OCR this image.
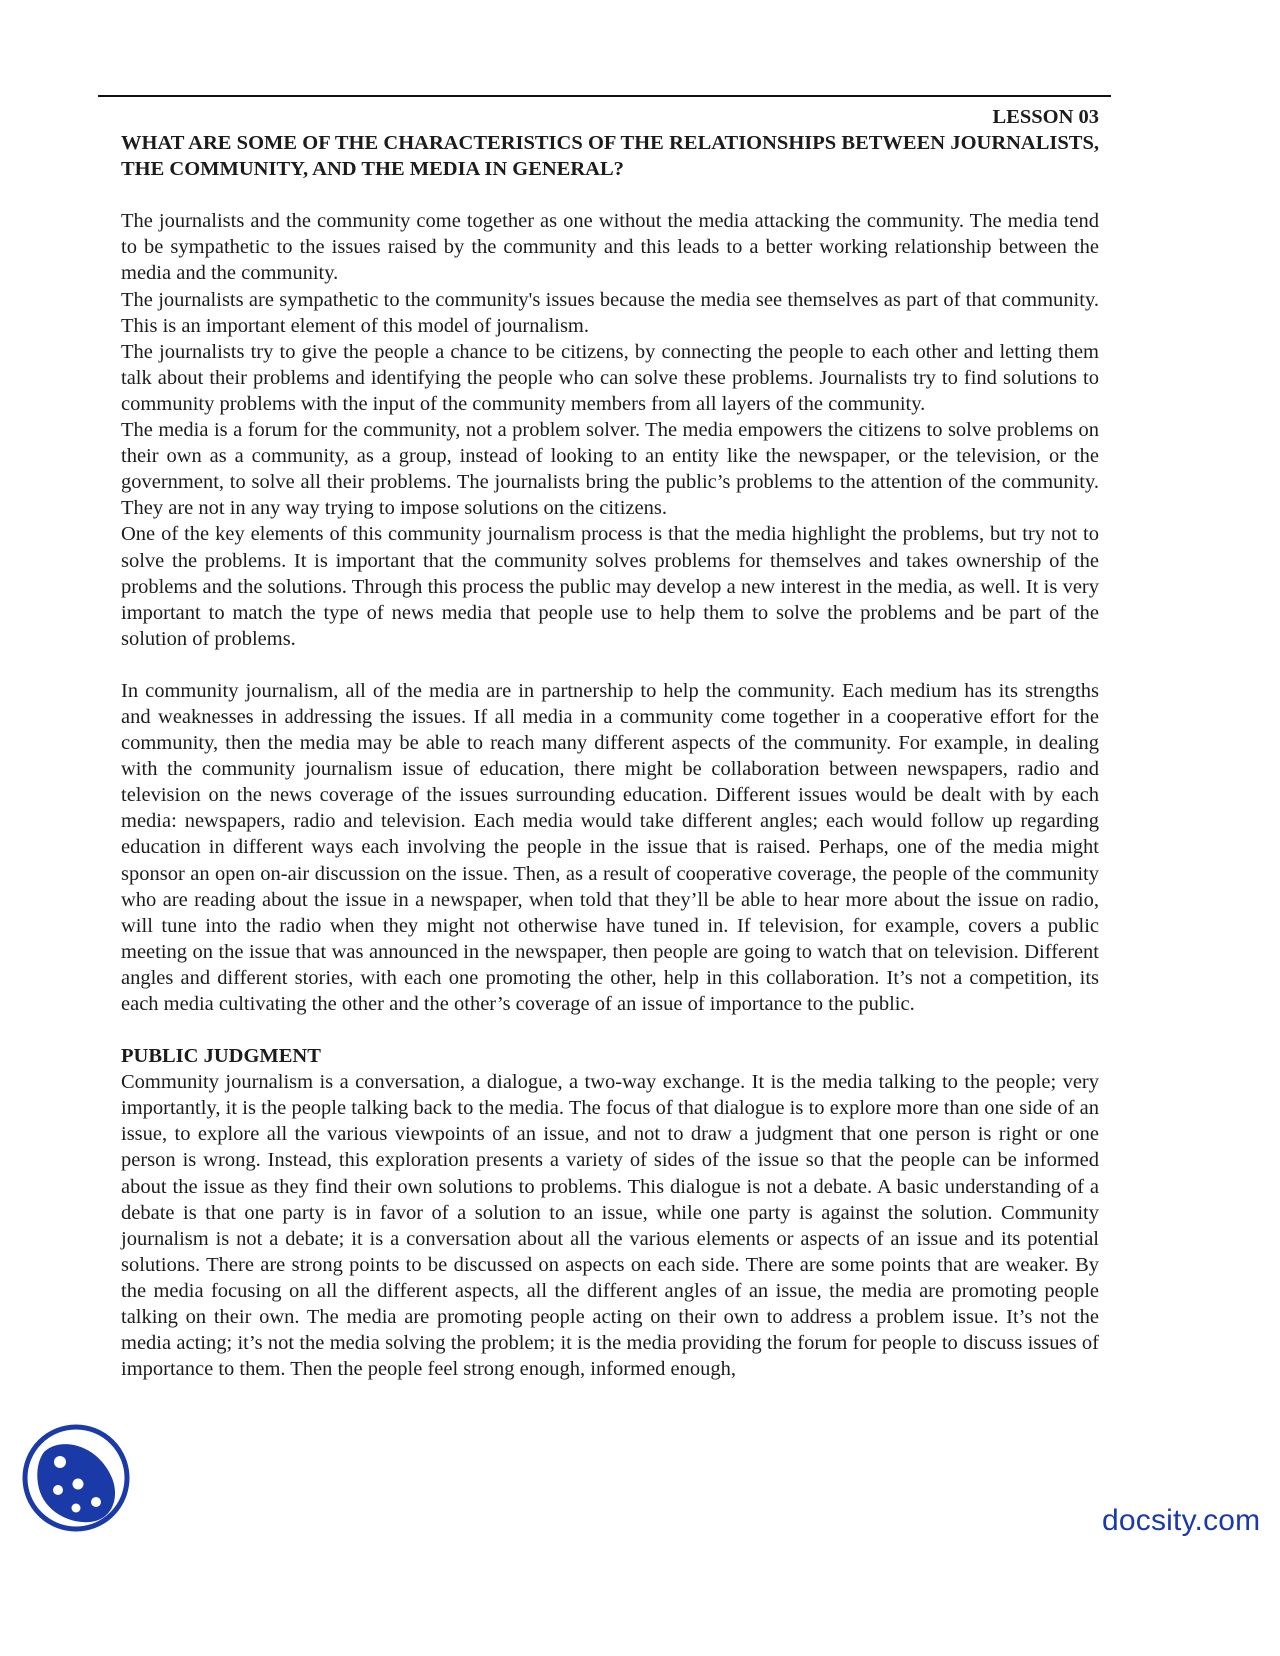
LESSON 03

WHAT ARE SOME OF THE CHARACTERISTICS OF THE RELATIONSHIPS BETWEEN JOURNALISTS, THE COMMUNITY, AND THE MEDIA IN GENERAL?

The journalists and the community come together as one without the media attacking the community. The media tend to be sympathetic to the issues raised by the community and this leads to a better working relationship between the media and the community.

The journalists are sympathetic to the community's issues because the media see themselves as part of that community. This is an important element of this model of journalism.

The journalists try to give the people a chance to be citizens, by connecting the people to each other and letting them talk about their problems and identifying the people who can solve these problems. Journalists try to find solutions to community problems with the input of the community members from all layers of the community.

The media is a forum for the community, not a problem solver. The media empowers the citizens to solve problems on their own as a community, as a group, instead of looking to an entity like the newspaper, or the television, or the government, to solve all their problems. The journalists bring the public’s problems to the attention of the community. They are not in any way trying to impose solutions on the citizens.

One of the key elements of this community journalism process is that the media highlight the problems, but try not to solve the problems. It is important that the community solves problems for themselves and takes ownership of the problems and the solutions. Through this process the public may develop a new interest in the media, as well. It is very important to match the type of news media that people use to help them to solve the problems and be part of the solution of problems.

In community journalism, all of the media are in partnership to help the community. Each medium has its strengths and weaknesses in addressing the issues. If all media in a community come together in a cooperative effort for the community, then the media may be able to reach many different aspects of the community. For example, in dealing with the community journalism issue of education, there might be collaboration between newspapers, radio and television on the news coverage of the issues surrounding education. Different issues would be dealt with by each media: newspapers, radio and television. Each media would take different angles; each would follow up regarding education in different ways each involving the people in the issue that is raised. Perhaps, one of the media might sponsor an open on-air discussion on the issue. Then, as a result of cooperative coverage, the people of the community who are reading about the issue in a newspaper, when told that they’ll be able to hear more about the issue on radio, will tune into the radio when they might not otherwise have tuned in. If television, for example, covers a public meeting on the issue that was announced in the newspaper, then people are going to watch that on television. Different angles and different stories, with each one promoting the other, help in this collaboration. It’s not a competition, its each media cultivating the other and the other’s coverage of an issue of importance to the public.

PUBLIC JUDGMENT

Community journalism is a conversation, a dialogue, a two-way exchange. It is the media talking to the people; very importantly, it is the people talking back to the media. The focus of that dialogue is to explore more than one side of an issue, to explore all the various viewpoints of an issue, and not to draw a judgment that one person is right or one person is wrong. Instead, this exploration presents a variety of sides of the issue so that the people can be informed about the issue as they find their own solutions to problems. This dialogue is not a debate. A basic understanding of a debate is that one party is in favor of a solution to an issue, while one party is against the solution. Community journalism is not a debate; it is a conversation about all the various elements or aspects of an issue and its potential solutions. There are strong points to be discussed on aspects on each side. There are some points that are weaker. By the media focusing on all the different aspects, all the different angles of an issue, the media are promoting people talking on their own. The media are promoting people acting on their own to address a problem issue. It’s not the media acting; it’s not the media solving the problem; it is the media providing the forum for people to discuss issues of importance to them. Then the people feel strong enough, informed enough,

docsity.com
